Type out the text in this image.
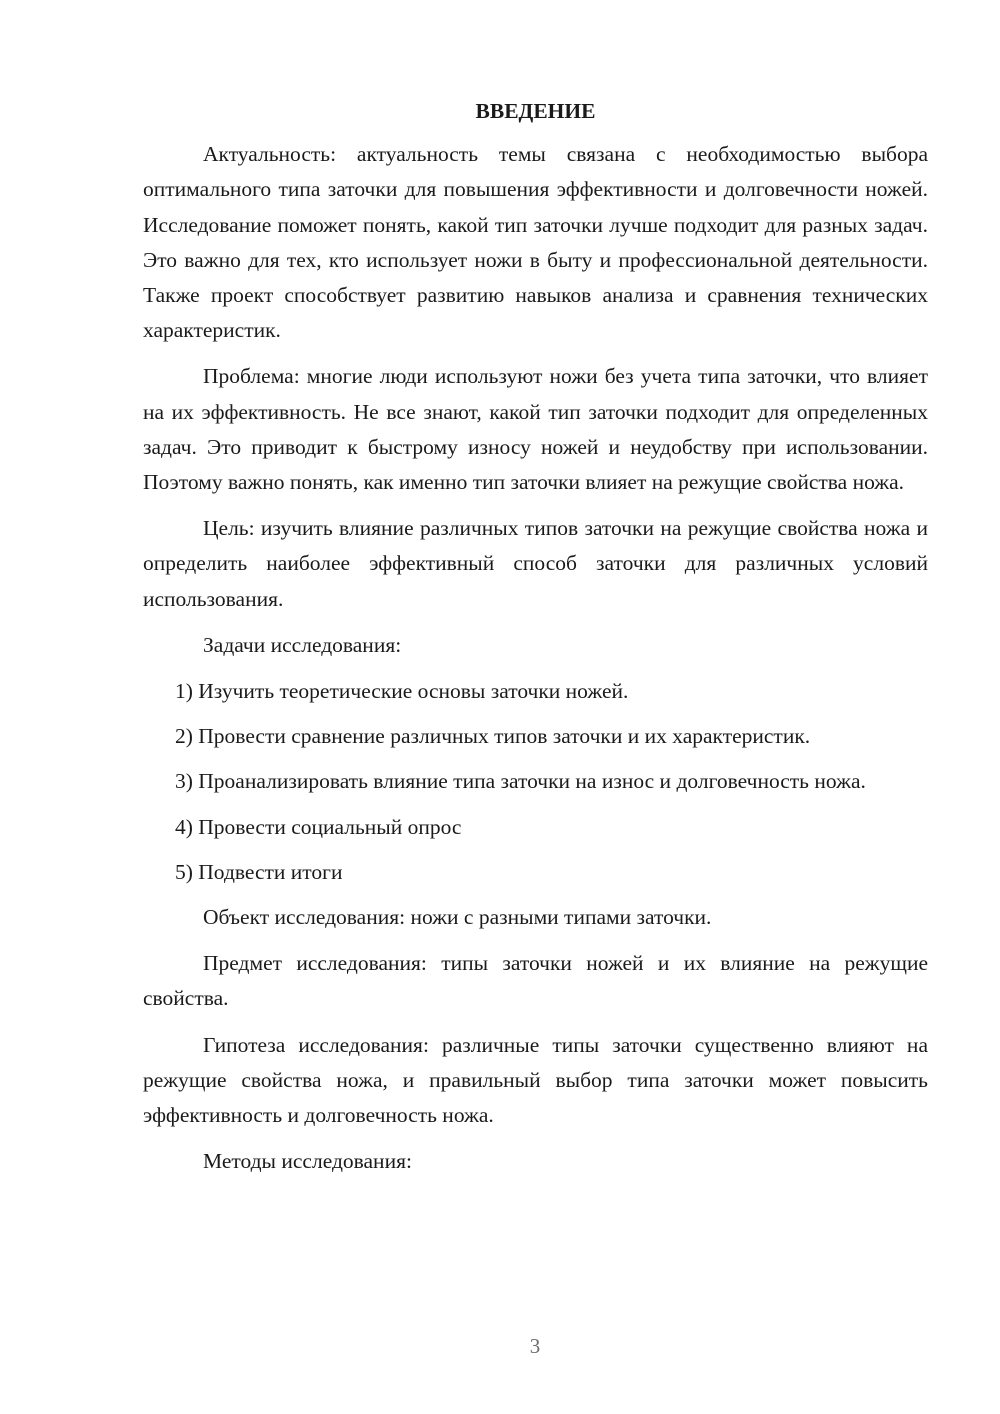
ВВЕДЕНИЕ

Актуальность: актуальность темы связана с необходимостью выбора оптимального типа заточки для повышения эффективности и долговечности ножей. Исследование поможет понять, какой тип заточки лучше подходит для разных задач. Это важно для тех, кто использует ножи в быту и профессиональной деятельности. Также проект способствует развитию навыков анализа и сравнения технических характеристик.

Проблема: многие люди используют ножи без учета типа заточки, что влияет на их эффективность. Не все знают, какой тип заточки подходит для определенных задач. Это приводит к быстрому износу ножей и неудобству при использовании. Поэтому важно понять, как именно тип заточки влияет на режущие свойства ножа.

Цель: изучить влияние различных типов заточки на режущие свойства ножа и определить наиболее эффективный способ заточки для различных условий использования.

Задачи исследования:

1) Изучить теоретические основы заточки ножей.

2) Провести сравнение различных типов заточки и их характеристик.

3) Проанализировать влияние типа заточки на износ и долговечность ножа.

4) Провести социальный опрос

5) Подвести итоги

Объект исследования: ножи с разными типами заточки.

Предмет исследования: типы заточки ножей и их влияние на режущие свойства.

Гипотеза исследования: различные типы заточки существенно влияют на режущие свойства ножа, и правильный выбор типа заточки может повысить эффективность и долговечность ножа.

Методы исследования:

3
